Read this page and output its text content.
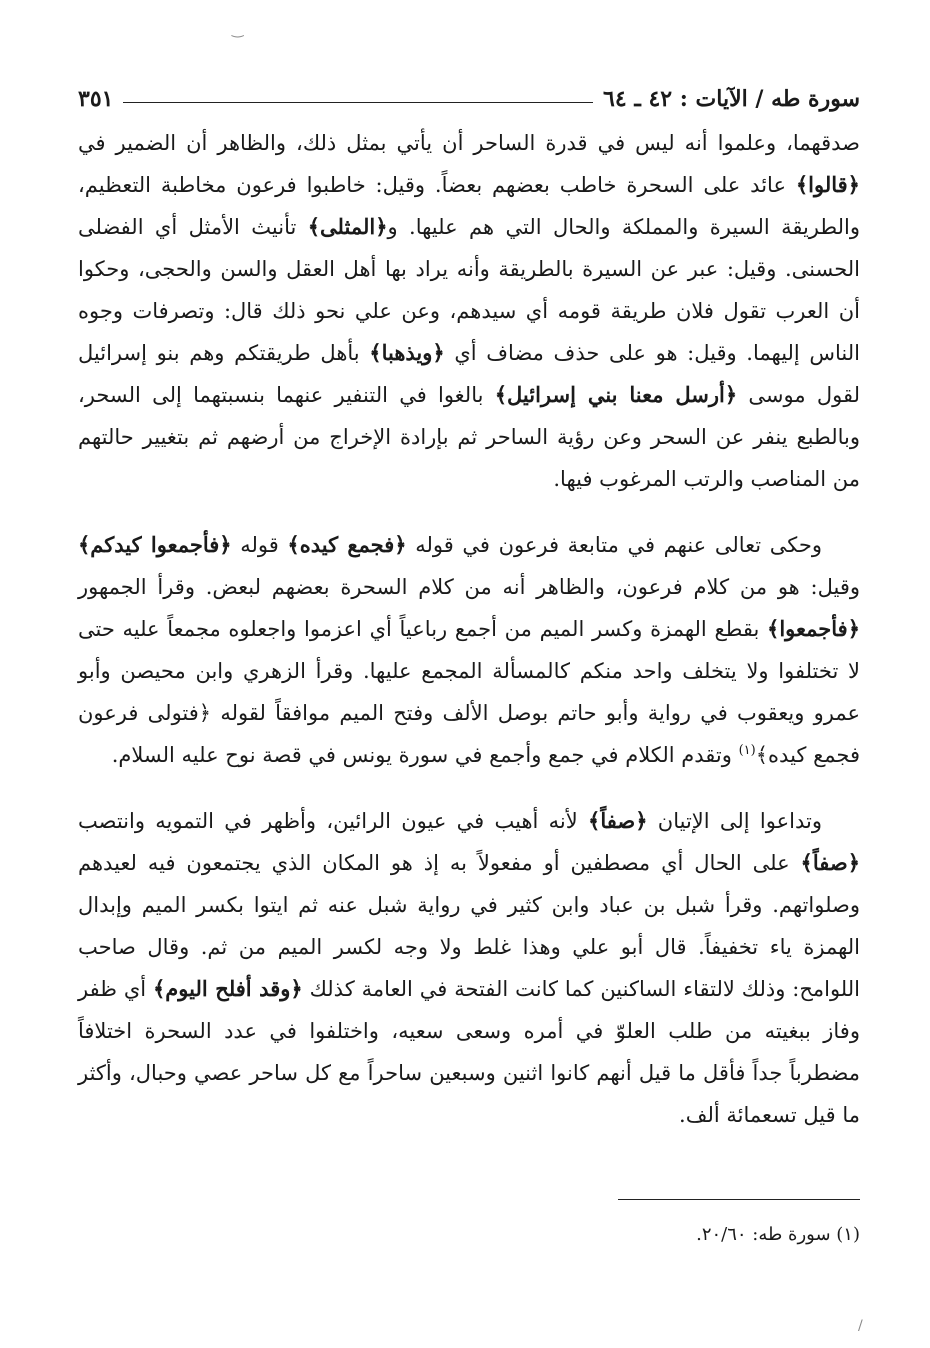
سورة طه / الآيات : ٤٢ ـ ٦٤
٣٥١

صدقهما، وعلموا أنه ليس في قدرة الساحر أن يأتي بمثل ذلك، والظاهر أن الضمير في ﴿قالوا﴾ عائد على السحرة خاطب بعضهم بعضاً. وقيل: خاطبوا فرعون مخاطبة التعظيم، والطريقة السيرة والمملكة والحال التي هم عليها. و﴿المثلى﴾ تأنيث الأمثل أي الفضلى الحسنى. وقيل: عبر عن السيرة بالطريقة وأنه يراد بها أهل العقل والسن والحجى، وحكوا أن العرب تقول فلان طريقة قومه أي سيدهم، وعن علي نحو ذلك قال: وتصرفات وجوه الناس إليهما. وقيل: هو على حذف مضاف أي ﴿ويذهبا﴾ بأهل طريقتكم وهم بنو إسرائيل لقول موسى ﴿أرسل معنا بني إسرائيل﴾ بالغوا في التنفير عنهما بنسبتهما إلى السحر، وبالطبع ينفر عن السحر وعن رؤية الساحر ثم بإرادة الإخراج من أرضهم ثم بتغيير حالتهم من المناصب والرتب المرغوب فيها.

وحكى تعالى عنهم في متابعة فرعون في قوله ﴿فجمع كيده﴾ قوله ﴿فأجمعوا كيدكم﴾ وقيل: هو من كلام فرعون، والظاهر أنه من كلام السحرة بعضهم لبعض. وقرأ الجمهور ﴿فأجمعوا﴾ بقطع الهمزة وكسر الميم من أجمع رباعياً أي اعزموا واجعلوه مجمعاً عليه حتى لا تختلفوا ولا يتخلف واحد منكم كالمسألة المجمع عليها. وقرأ الزهري وابن محيصن وأبو عمرو ويعقوب في رواية وأبو حاتم بوصل الألف وفتح الميم موافقاً لقوله ﴿فتولى فرعون فجمع كيده﴾$^{(١)}$ وتقدم الكلام في جمع وأجمع في سورة يونس في قصة نوح عليه السلام.

وتداعوا إلى الإتيان ﴿صفاً﴾ لأنه أهيب في عيون الرائين، وأظهر في التمويه وانتصب ﴿صفاً﴾ على الحال أي مصطفين أو مفعولاً به إذ هو المكان الذي يجتمعون فيه لعيدهم وصلواتهم. وقرأ شبل بن عباد وابن كثير في رواية شبل عنه ثم ايتوا بكسر الميم وإبدال الهمزة ياء تخفيفاً. قال أبو علي وهذا غلط ولا وجه لكسر الميم من ثم. وقال صاحب اللوامح: وذلك لالتقاء الساكنين كما كانت الفتحة في العامة كذلك ﴿وقد أفلح اليوم﴾ أي ظفر وفاز ببغيته من طلب العلوّ في أمره وسعى سعيه، واختلفوا في عدد السحرة اختلافاً مضطرباً جداً فأقل ما قيل أنهم كانوا اثنين وسبعين ساحراً مع كل ساحر عصي وحبال، وأكثر ما قيل تسعمائة ألف.

(١) سورة طه: ٢٠/٦٠.
‿
/
